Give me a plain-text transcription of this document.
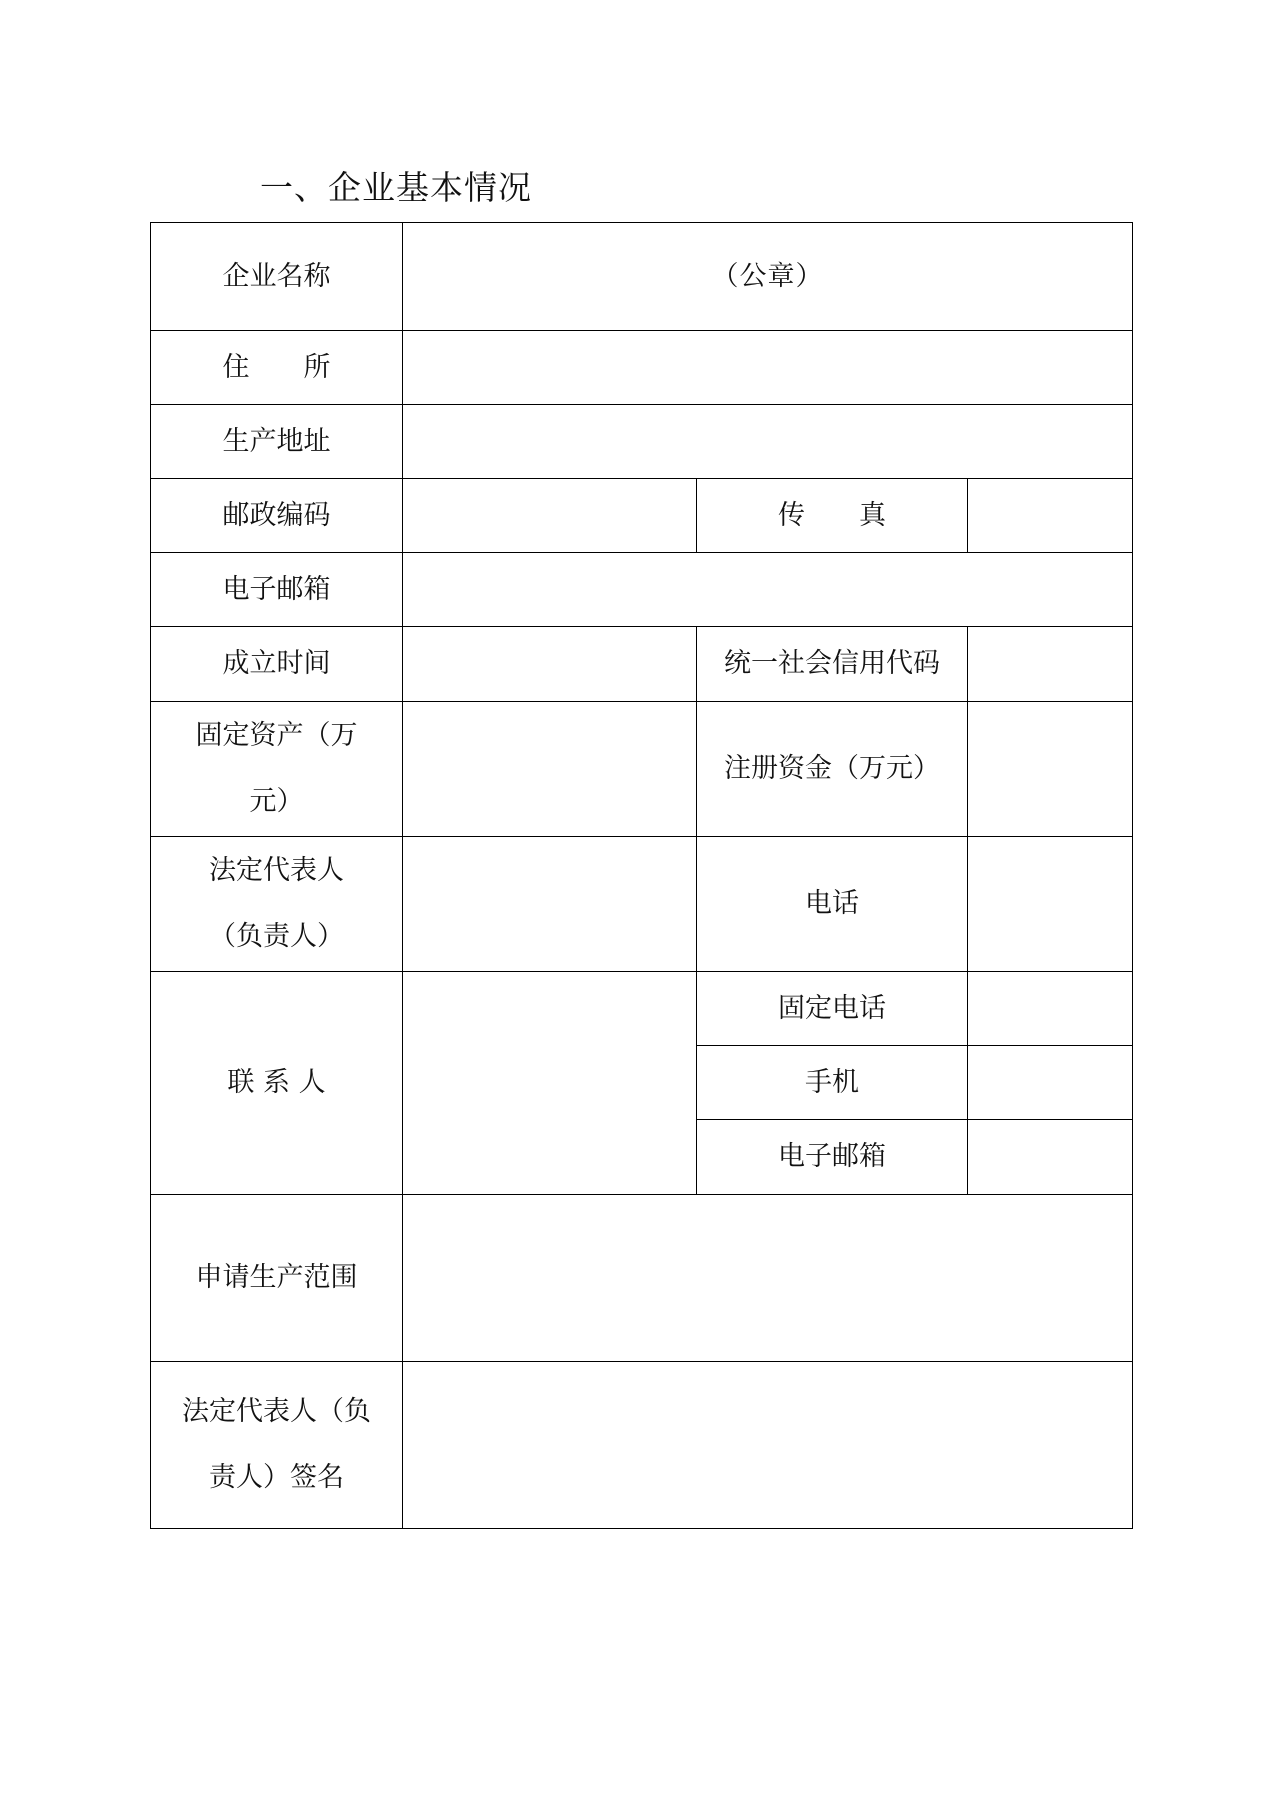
一、企业基本情况
企业名称	（公章）		
住　　所			
生产地址			
邮政编码		传　　真	
电子邮箱			
成立时间		统一社会信用代码	

固定资产（万元）		注册资金（万元）	

法定代表人（负责人）		电话	
联 系 人		固定电话	
		手机	
		电子邮箱	
申请生产范围			

法定代表人（负责人）签名			
